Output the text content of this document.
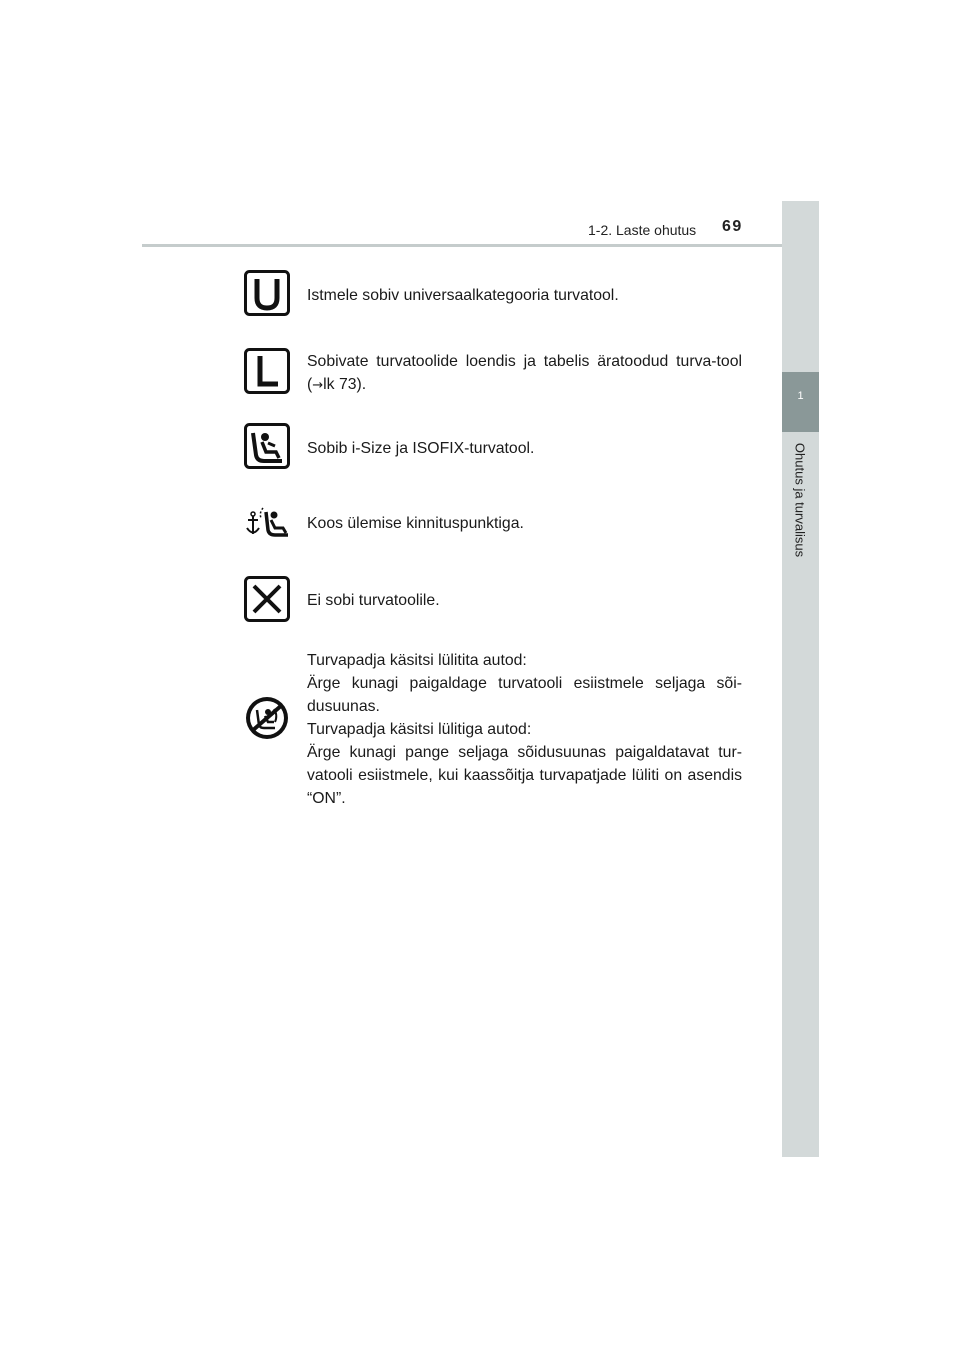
1-2. Laste ohutus 69
1
Ohutus ja turvalisus
Istmele sobiv universaalkategooria turvatool.
Sobivate turvatoolide loendis ja tabelis äratoodud turva-tool (→lk 73).
Sobib i-Size ja ISOFIX-turvatool.
Koos ülemise kinnituspunktiga.
Ei sobi turvatoolile.

Turvapadja käsitsi lülitita autod:

Ärge kunagi paigaldage turvatooli esiistmele seljaga sõi-dusuunas.

Turvapadja käsitsi lülitiga autod:

Ärge kunagi pange seljaga sõidusuunas paigaldatavat tur-vatooli esiistmele, kui kaassõitja turvapatjade lüliti on asendis “ON”.
